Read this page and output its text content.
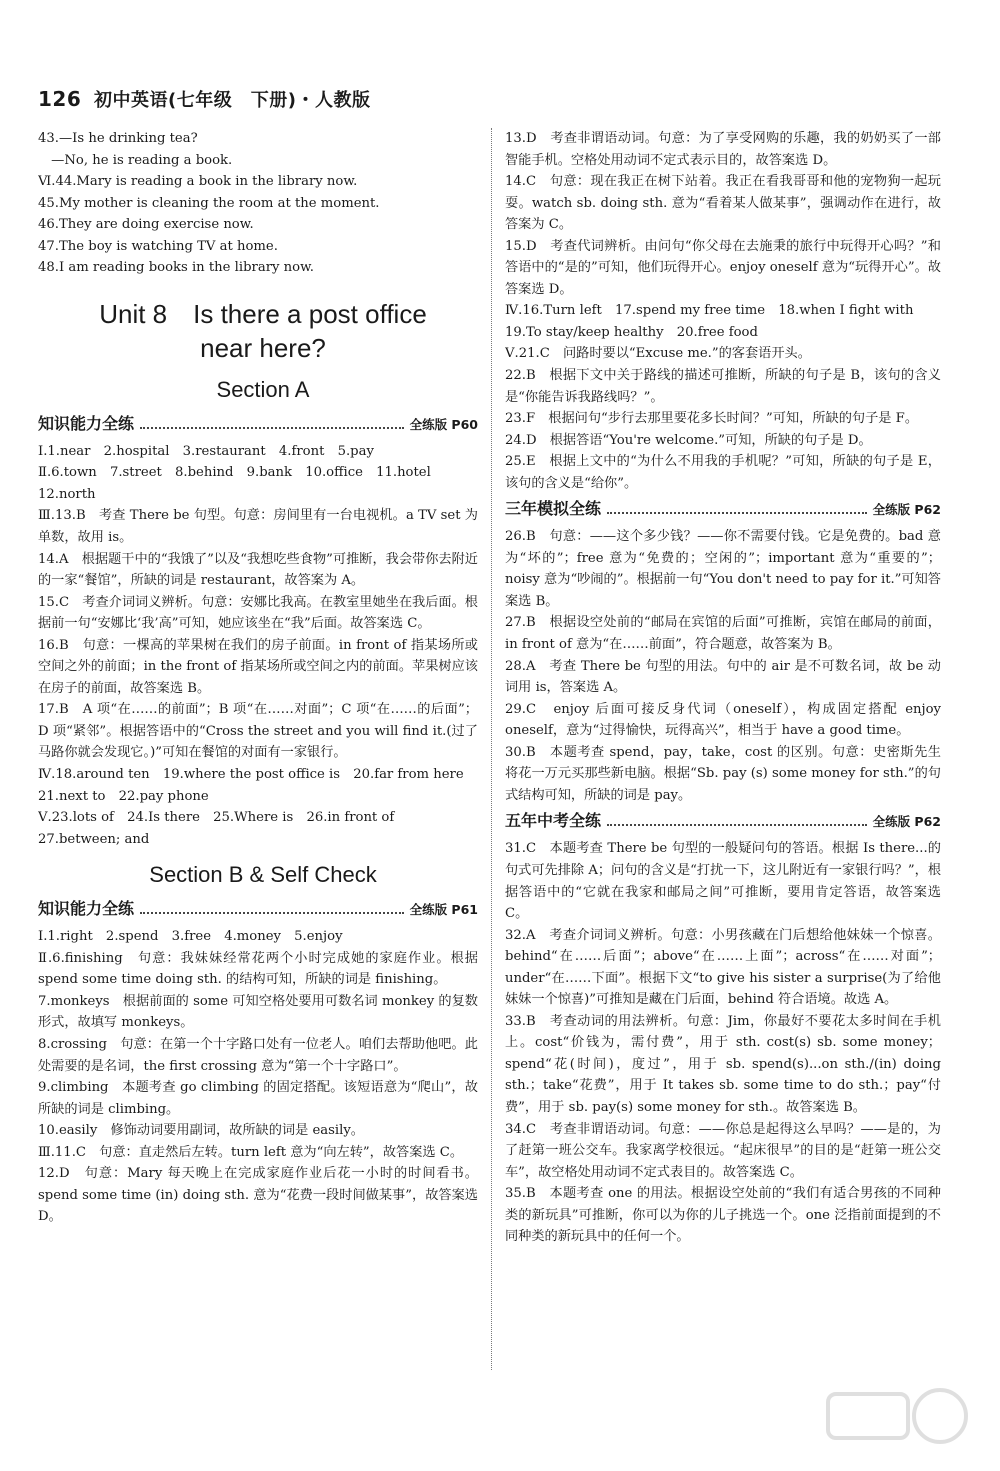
126 初中英语(七年级　下册)・人教版
43.—Is he drinking tea?
　—No, he is reading a book.
Ⅵ.44.Mary is reading a book in the library now.
45.My mother is cleaning the room at the moment.
46.They are doing exercise now.
47.The boy is watching TV at home.
48.I am reading books in the library now.
Unit 8　Is there a post office
near here?
Section A
知识能力全练	全练版 P60
Ⅰ.1.near　2.hospital　3.restaurant　4.front　5.pay
Ⅱ.6.town　7.street　8.behind　9.bank　10.office　11.hotel
12.north
Ⅲ.13.B　考查 There be 句型。句意：房间里有一台电视机。a TV set 为单数，故用 is。
14.A　根据题干中的“我饿了”以及“我想吃些食物”可推断，我会带你去附近的一家“餐馆”，所缺的词是 restaurant，故答案为 A。
15.C　考查介词词义辨析。句意：安娜比我高。在教室里她坐在我后面。根据前一句“安娜比‘我’高”可知，她应该坐在“我”后面。故答案选 C。
16.B　句意：一棵高的苹果树在我们的房子前面。in front of 指某场所或空间之外的前面；in the front of 指某场所或空间之内的前面。苹果树应该在房子的前面，故答案选 B。
17.B　A 项“在……的前面”；B 项“在……对面”；C 项“在……的后面”；D 项“紧邻”。根据答语中的“Cross the street and you will find it.(过了马路你就会发现它。)”可知在餐馆的对面有一家银行。
Ⅳ.18.around ten　19.where the post office is　20.far from here
21.next to　22.pay phone
Ⅴ.23.lots of　24.Is there　25.Where is　26.in front of
27.between; and
Section B & Self Check
知识能力全练	全练版 P61
Ⅰ.1.right　2.spend　3.free　4.money　5.enjoy
Ⅱ.6.finishing　句意：我妹妹经常花两个小时完成她的家庭作业。根据 spend some time doing sth. 的结构可知，所缺的词是 finishing。
7.monkeys　根据前面的 some 可知空格处要用可数名词 monkey 的复数形式，故填写 monkeys。
8.crossing　句意：在第一个十字路口处有一位老人。咱们去帮助他吧。此处需要的是名词，the first crossing 意为“第一个十字路口”。
9.climbing　本题考查 go climbing 的固定搭配。该短语意为“爬山”，故所缺的词是 climbing。
10.easily　修饰动词要用副词，故所缺的词是 easily。
Ⅲ.11.C　句意：直走然后左转。turn left 意为“向左转”，故答案选 C。
12.D　句意：Mary 每天晚上在完成家庭作业后花一小时的时间看书。spend some time (in) doing sth. 意为“花费一段时间做某事”，故答案选 D。
13.D　考查非谓语动词。句意：为了享受网购的乐趣，我的奶奶买了一部智能手机。空格处用动词不定式表示目的，故答案选 D。
14.C　句意：现在我正在树下站着。我正在看我哥哥和他的宠物狗一起玩耍。watch sb. doing sth. 意为“看着某人做某事”，强调动作在进行，故答案为 C。
15.D　考查代词辨析。由问句“你父母在去施秉的旅行中玩得开心吗？”和答语中的“是的”可知，他们玩得开心。enjoy oneself 意为“玩得开心”。故答案选 D。
Ⅳ.16.Turn left　17.spend my free time　18.when I fight with
19.To stay/keep healthy　20.free food
Ⅴ.21.C　问路时要以“Excuse me.”的客套语开头。
22.B　根据下文中关于路线的描述可推断，所缺的句子是 B，该句的含义是“你能告诉我路线吗？”。
23.F　根据问句“步行去那里要花多长时间？”可知，所缺的句子是 F。
24.D　根据答语“You're welcome.”可知，所缺的句子是 D。
25.E　根据上文中的“为什么不用我的手机呢？”可知，所缺的句子是 E，该句的含义是“给你”。
三年模拟全练	全练版 P62
26.B　句意：——这个多少钱？——你不需要付钱。它是免费的。bad 意为“坏的”；free 意为“免费的；空闲的”；important 意为“重要的”；noisy 意为“吵闹的”。根据前一句“You don't need to pay for it.”可知答案选 B。
27.B　根据设空处前的“邮局在宾馆的后面”可推断，宾馆在邮局的前面，in front of 意为“在……前面”，符合题意，故答案为 B。
28.A　考查 There be 句型的用法。句中的 air 是不可数名词，故 be 动词用 is，答案选 A。
29.C　enjoy 后面可接反身代词（oneself），构成固定搭配 enjoy oneself，意为“过得愉快，玩得高兴”，相当于 have a good time。
30.B　本题考查 spend，pay，take，cost 的区别。句意：史密斯先生将花一万元买那些新电脑。根据“Sb. pay (s) some money for sth.”的句式结构可知，所缺的词是 pay。
五年中考全练	全练版 P62
31.C　本题考查 There be 句型的一般疑问句的答语。根据 Is there...的句式可先排除 A；问句的含义是“打扰一下，这儿附近有一家银行吗？”，根据答语中的“它就在我家和邮局之间”可推断，要用肯定答语，故答案选 C。
32.A　考查介词词义辨析。句意：小男孩藏在门后想给他妹妹一个惊喜。behind“在……后面”；above“在……上面”；across“在……对面”；under“在……下面”。根据下文“to give his sister a surprise(为了给他妹妹一个惊喜)”可推知是藏在门后面，behind 符合语境。故选 A。
33.B　考查动词的用法辨析。句意：Jim，你最好不要花太多时间在手机上。cost“价钱为，需付费”，用于 sth. cost(s) sb. some money；spend“花(时间)，度过”，用于 sb. spend(s)...on sth./(in) doing sth.；take“花费”，用于 It takes sb. some time to do sth.；pay“付费”，用于 sb. pay(s) some money for sth.。故答案选 B。
34.C　考查非谓语动词。句意：——你总是起得这么早吗？——是的，为了赶第一班公交车。我家离学校很远。“起床很早”的目的是“赶第一班公交车”，故空格处用动词不定式表目的。故答案选 C。
35.B　本题考查 one 的用法。根据设空处前的“我们有适合男孩的不同种类的新玩具”可推断，你可以为你的儿子挑选一个。one 泛指前面提到的不同种类的新玩具中的任何一个。
